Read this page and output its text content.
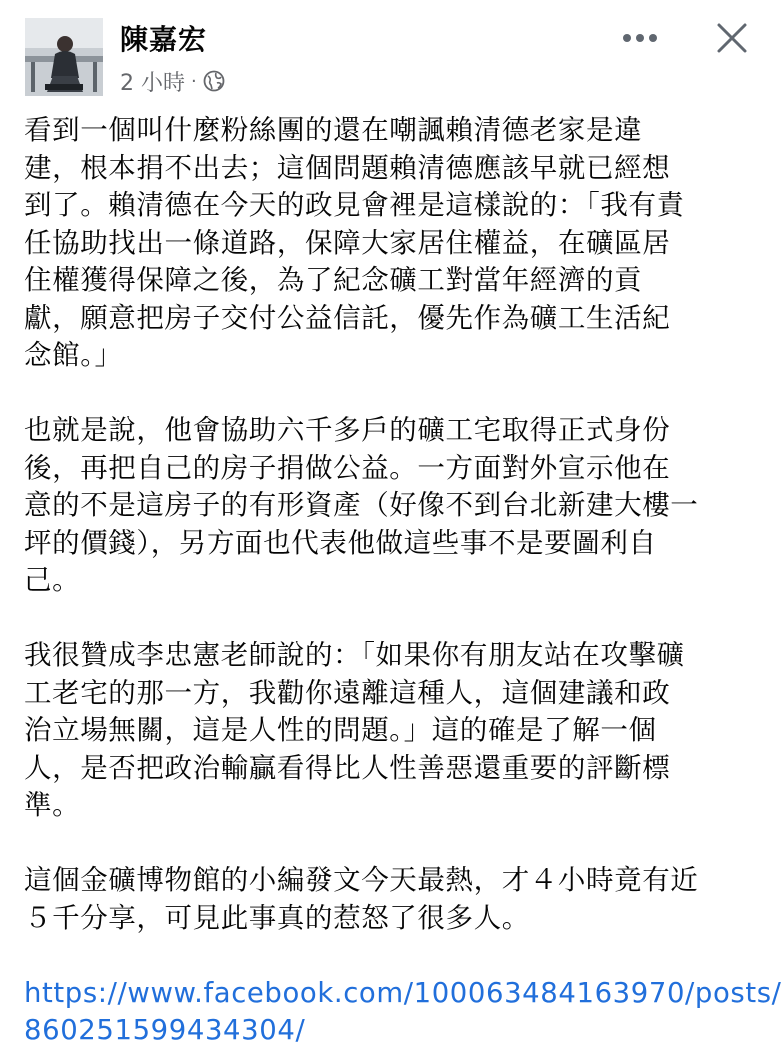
陳嘉宏
2 小時 ·

看到一個叫什麼粉絲團的還在嘲諷賴清德老家是違
建，根本捐不出去；這個問題賴清德應該早就已經想
到了。賴清德在今天的政見會裡是這樣說的：「我有責
任協助找出一條道路，保障大家居住權益，在礦區居
住權獲得保障之後，為了紀念礦工對當年經濟的貢
獻，願意把房子交付公益信託，優先作為礦工生活紀
念館。」

也就是說，他會協助六千多戶的礦工宅取得正式身份
後，再把自己的房子捐做公益。一方面對外宣示他在
意的不是這房子的有形資產（好像不到台北新建大樓一
坪的價錢），另方面也代表他做這些事不是要圖利自
己。

我很贊成李忠憲老師說的：「如果你有朋友站在攻擊礦
工老宅的那一方，我勸你遠離這種人，這個建議和政
治立場無關，這是人性的問題。」這的確是了解一個
人，是否把政治輸贏看得比人性善惡還重要的評斷標
準。

這個金礦博物館的小編發文今天最熱，才４小時竟有近
５千分享，可見此事真的惹怒了很多人。

https://www.facebook.com/100063484163970/posts/
860251599434304/
